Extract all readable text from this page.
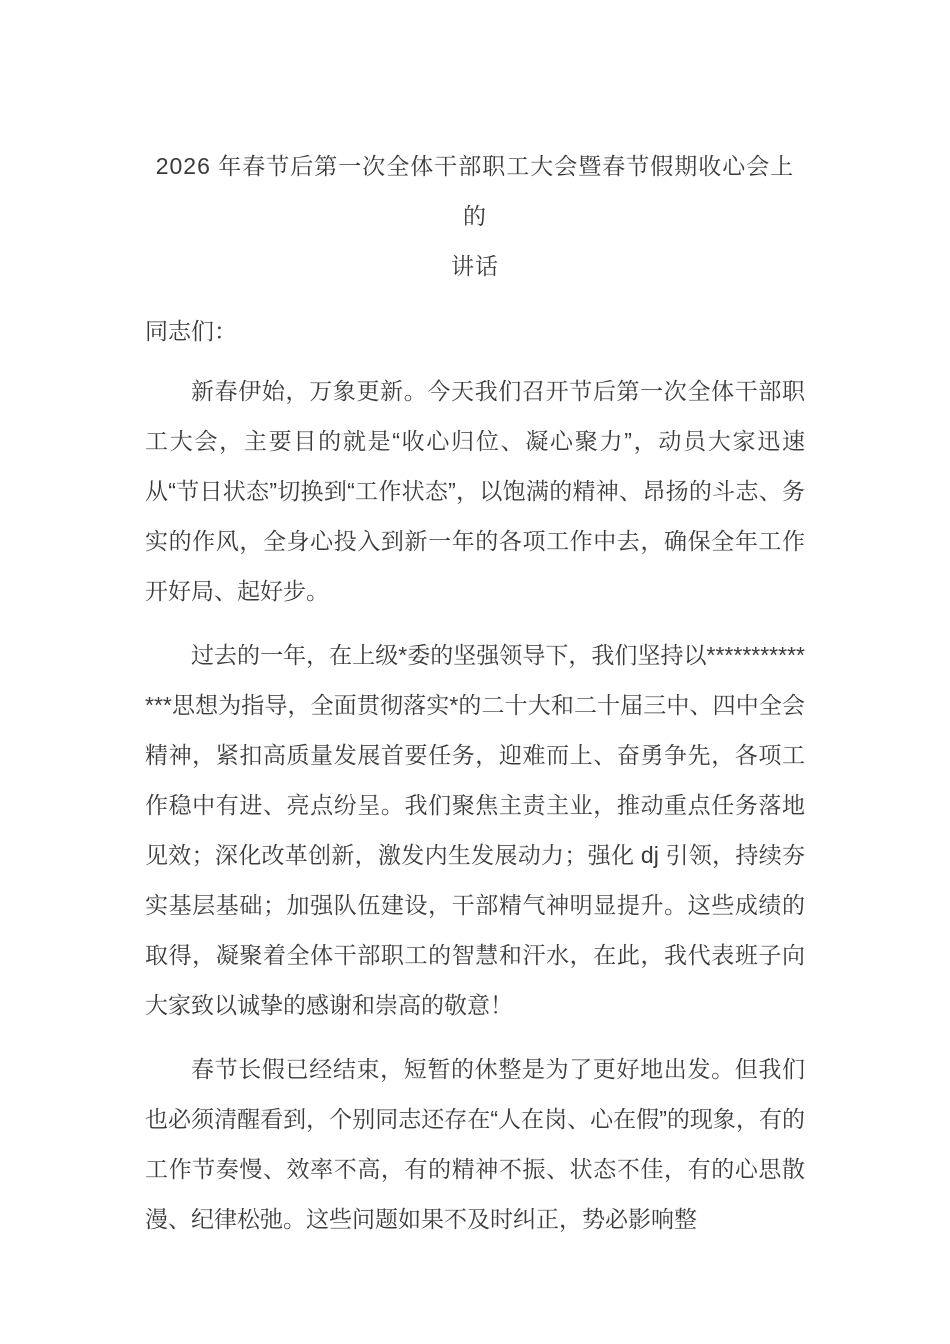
2026 年春节后第一次全体干部职工大会暨春节假期收心会上的
讲话

同志们：

新春伊始，万象更新。今天我们召开节后第一次全体干部职工大会，主要目的就是“收心归位、凝心聚力”，动员大家迅速从“节日状态”切换到“工作状态”，以饱满的精神、昂扬的斗志、务实的作风，全身心投入到新一年的各项工作中去，确保全年工作开好局、起好步。

过去的一年，在上级*委的坚强领导下，我们坚持以**************思想为指导，全面贯彻落实*的二十大和二十届三中、四中全会精神，紧扣高质量发展首要任务，迎难而上、奋勇争先，各项工作稳中有进、亮点纷呈。我们聚焦主责主业，推动重点任务落地见效；深化改革创新，激发内生发展动力；强化 dj 引领，持续夯实基层基础；加强队伍建设，干部精气神明显提升。这些成绩的取得，凝聚着全体干部职工的智慧和汗水，在此，我代表班子向大家致以诚挚的感谢和崇高的敬意！

春节长假已经结束，短暂的休整是为了更好地出发。但我们也必须清醒看到，个别同志还存在“人在岗、心在假”的现象，有的工作节奏慢、效率不高，有的精神不振、状态不佳，有的心思散漫、纪律松弛。这些问题如果不及时纠正，势必影响整
